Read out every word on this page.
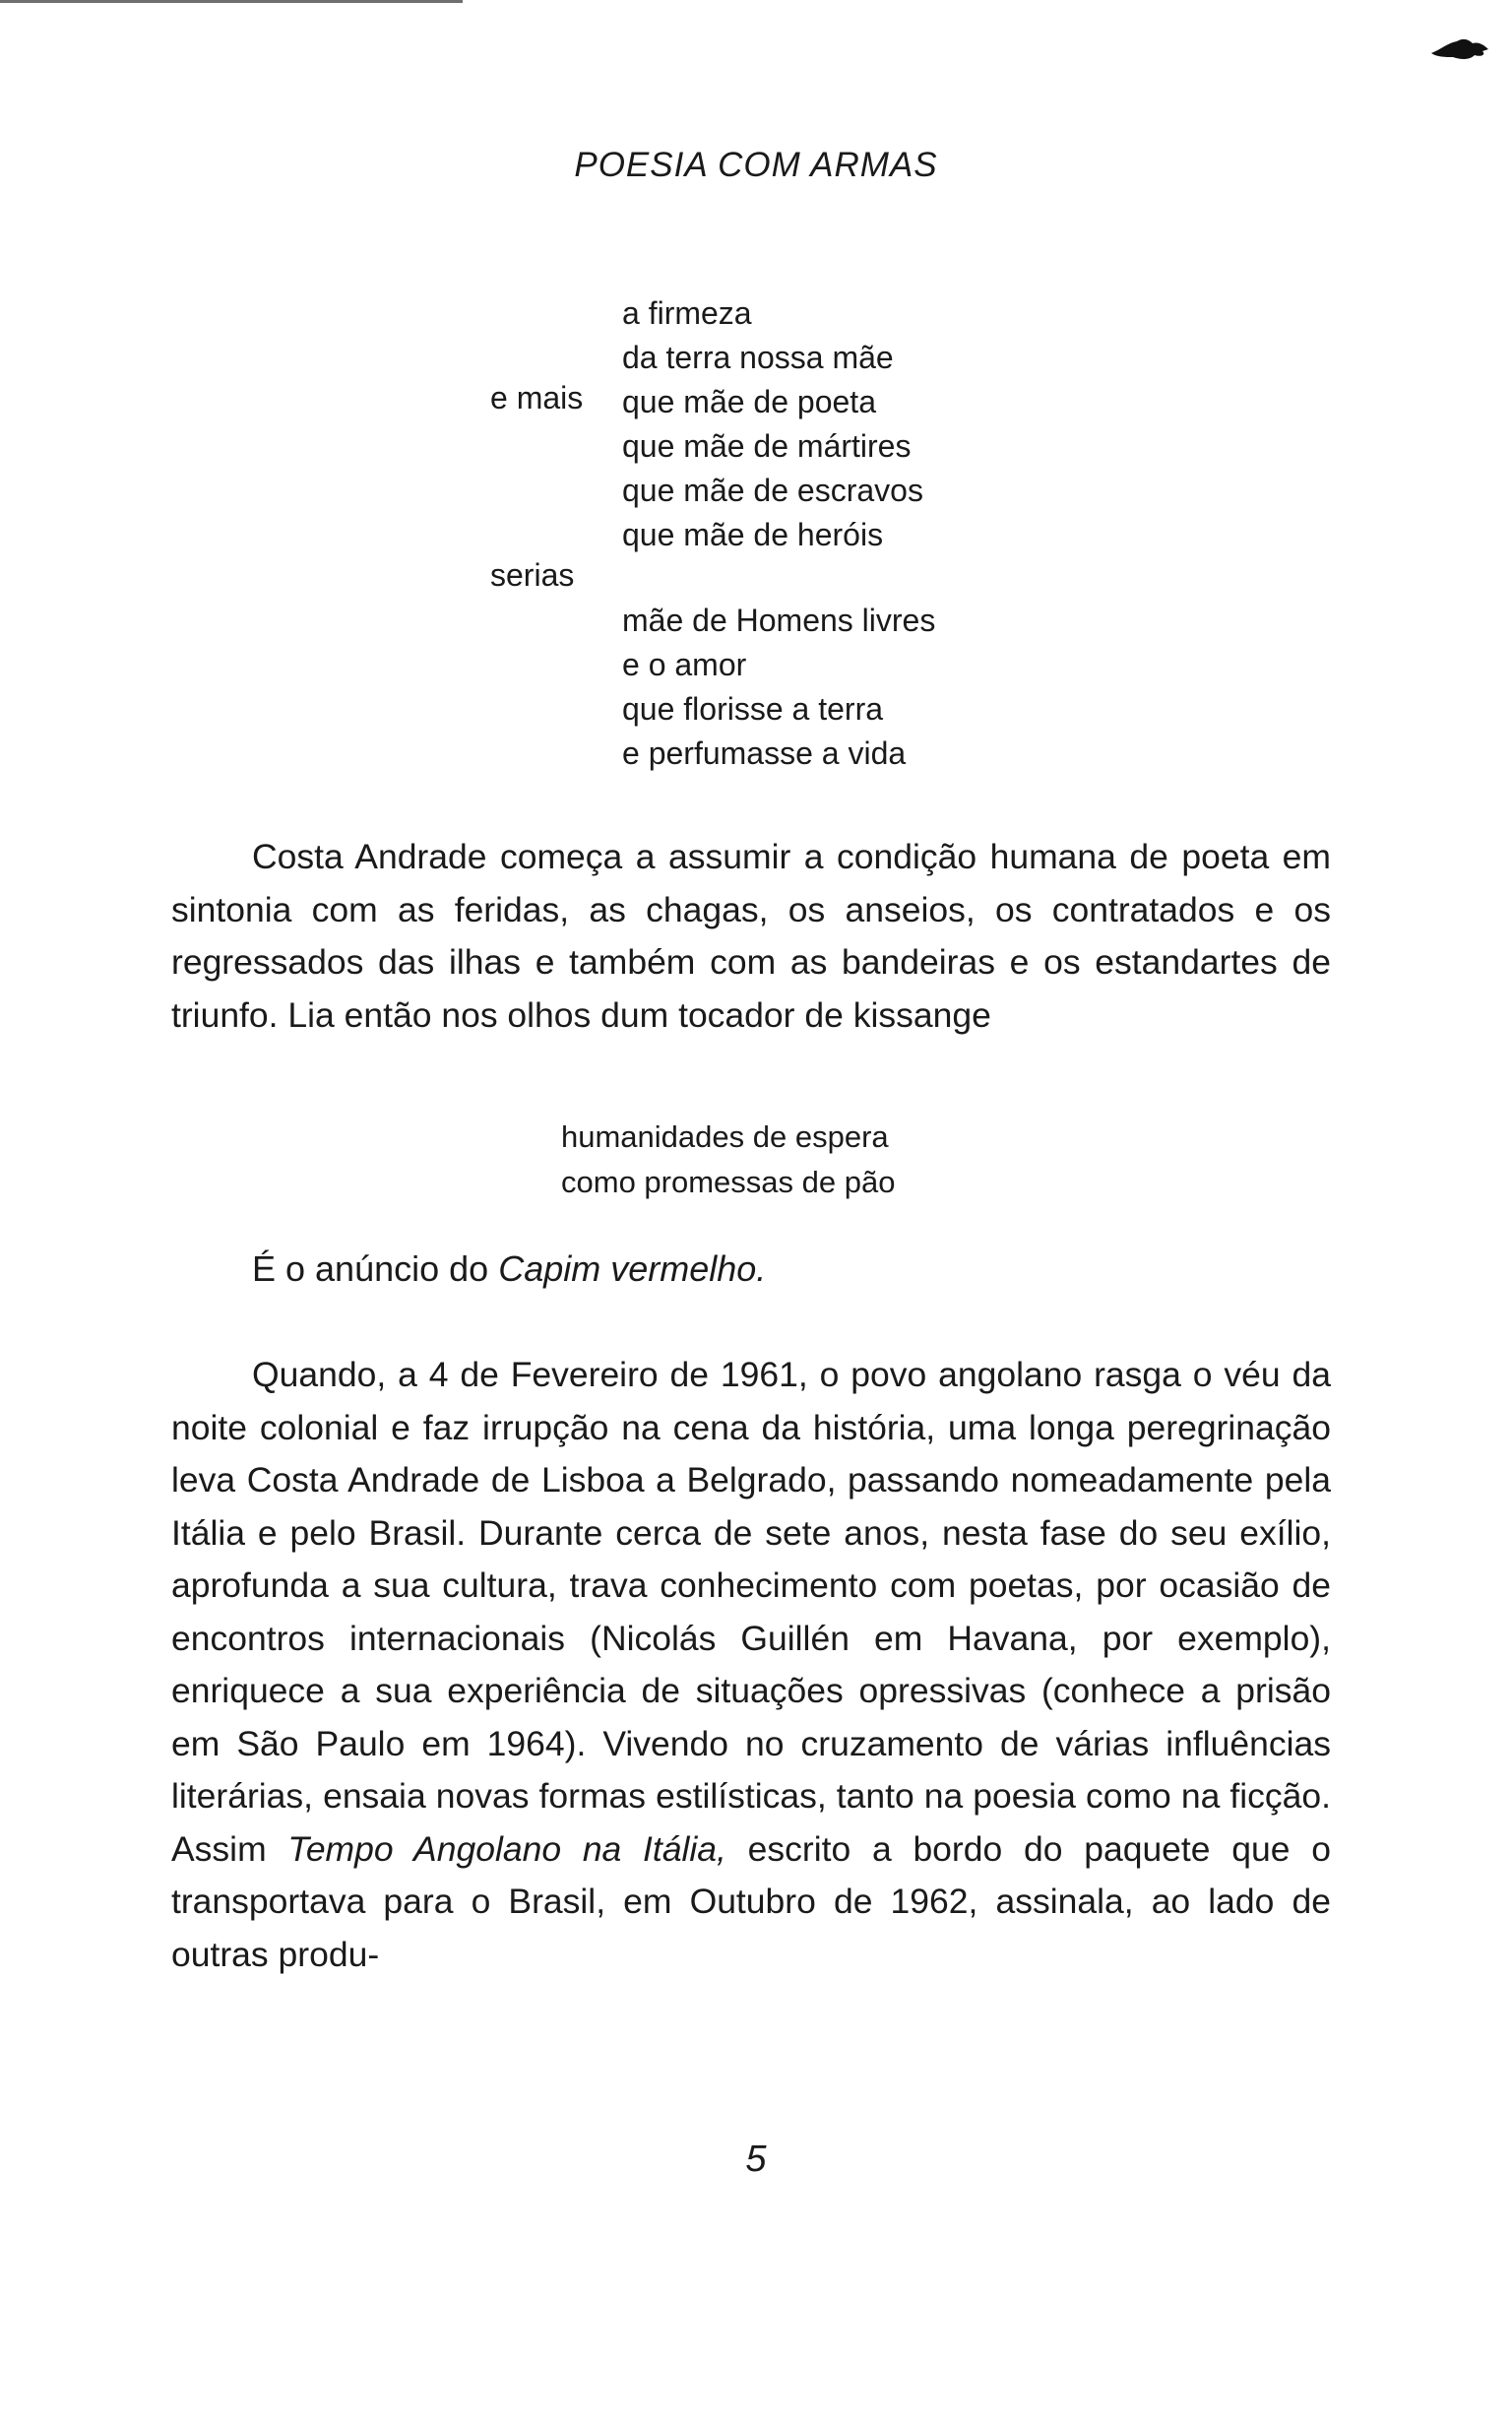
POESIA COM ARMAS
a firmeza
da terra nossa mãe
que mãe de poeta
que mãe de mártires
que mãe de escravos
que mãe de heróis
e mais
serias
mãe de Homens livres
e o amor
que florisse a terra
e perfumasse a vida

Costa Andrade começa a assumir a condição humana de poeta em sintonia com as feridas, as chagas, os anseios, os contratados e os regressados das ilhas e também com as bandeiras e os estandartes de triunfo. Lia então nos olhos dum tocador de kissange

humanidades de espera
como promessas de pão

É o anúncio do Capim vermelho.

Quando, a 4 de Fevereiro de 1961, o povo angolano rasga o véu da noite colonial e faz irrupção na cena da história, uma longa peregrinação leva Costa Andrade de Lisboa a Belgrado, passando nomeadamente pela Itália e pelo Brasil. Durante cerca de sete anos, nesta fase do seu exílio, aprofunda a sua cultura, trava conhecimento com poetas, por ocasião de encontros internacionais (Nicolás Guillén em Havana, por exemplo), enriquece a sua experiência de situações opressivas (conhece a prisão em São Paulo em 1964). Vivendo no cruzamento de várias influências literárias, ensaia novas formas estilísticas, tanto na poesia como na ficção. Assim Tempo Angolano na Itália, escrito a bordo do paquete que o transportava para o Brasil, em Outubro de 1962, assinala, ao lado de outras produ-

5
